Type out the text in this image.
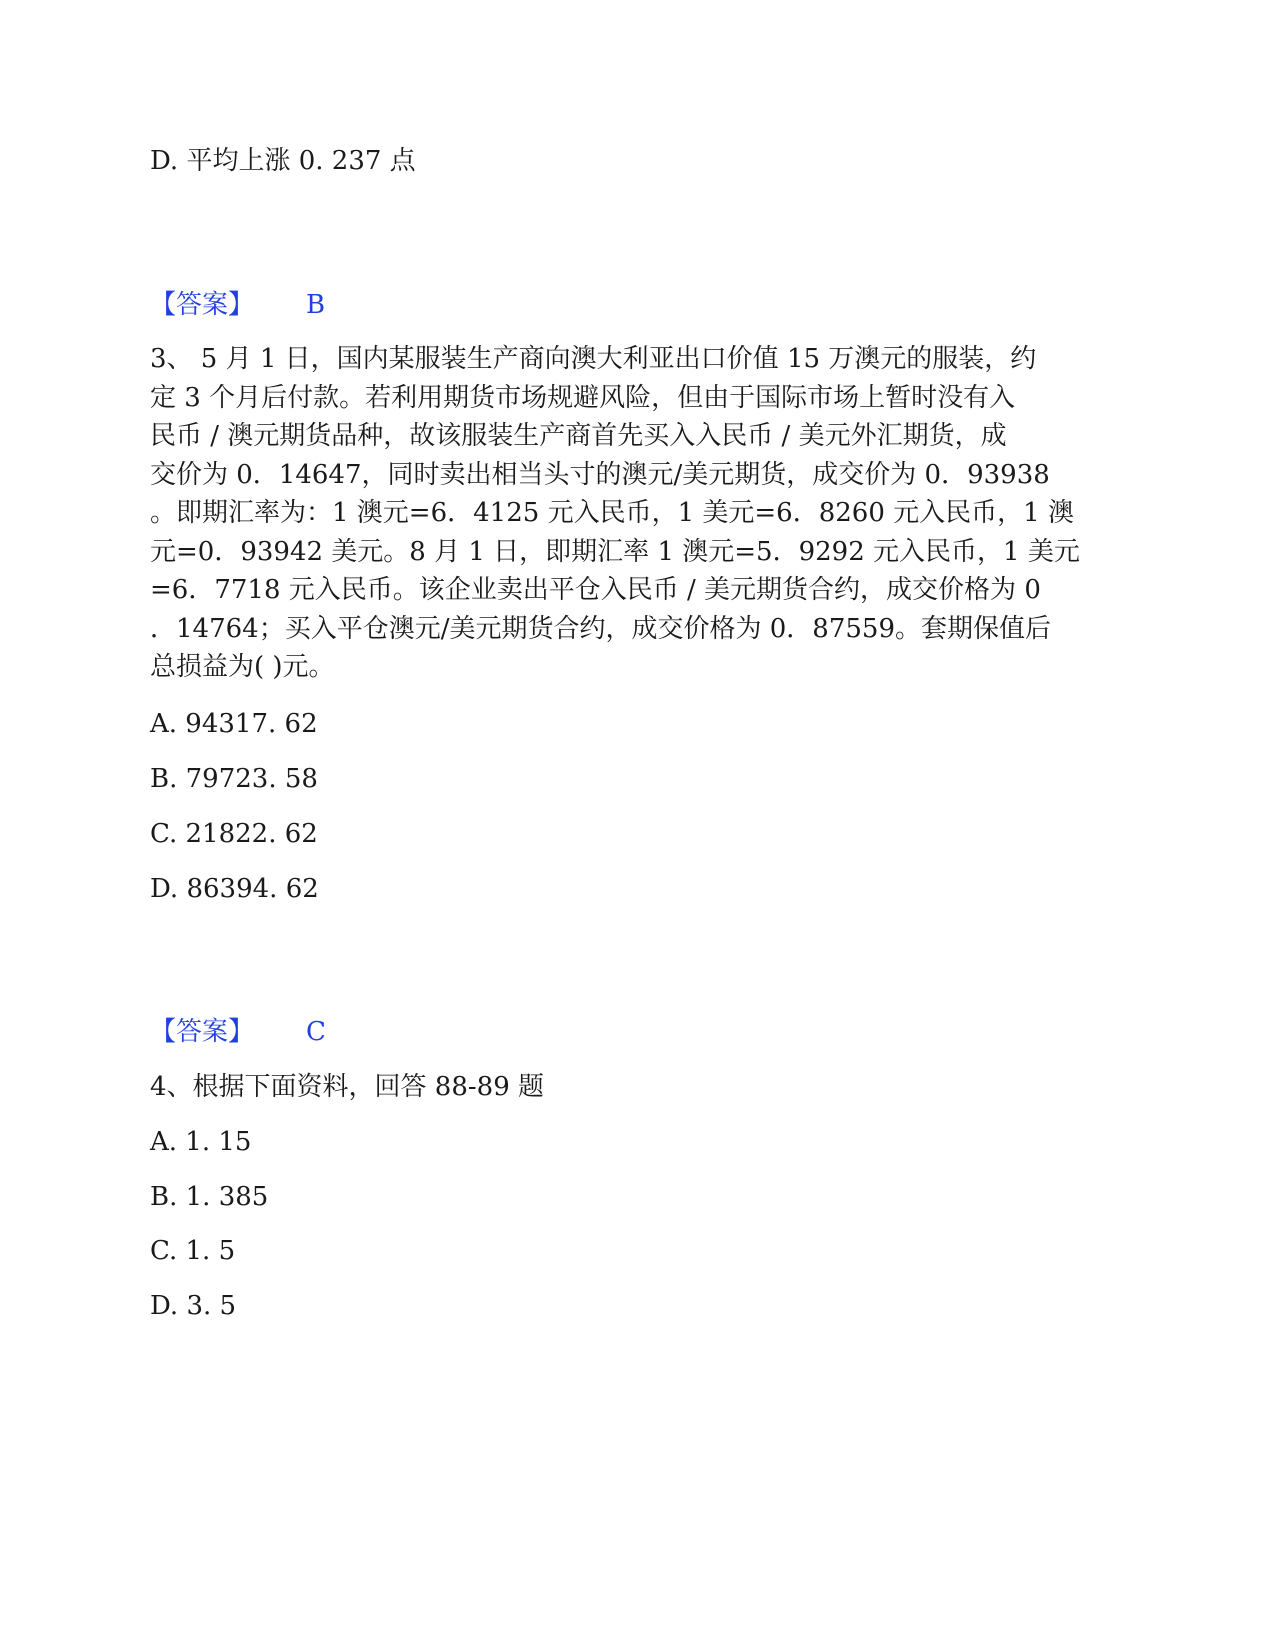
D. 平均上涨 0. 237 点
【答案】 B
3、 5 月 1 日，国内某服装生产商向澳大利亚出口价值 15 万澳元的服装，约
定 3 个月后付款。若利用期货市场规避风险，但由于国际市场上暂时没有入
民币 / 澳元期货品种，故该服装生产商首先买入入民币 / 美元外汇期货，成
交价为 0．14647，同时卖出相当头寸的澳元/美元期货，成交价为 0．93938
。即期汇率为：1 澳元=6．4125 元入民币，1 美元=6．8260 元入民币，1 澳
元=0．93942 美元。8 月 1 日，即期汇率 1 澳元=5．9292 元入民币，1 美元
=6．7718 元入民币。该企业卖出平仓入民币 / 美元期货合约，成交价格为 0
．14764；买入平仓澳元/美元期货合约，成交价格为 0．87559。套期保值后
总损益为( )元。
A. 94317. 62
B. 79723. 58
C. 21822. 62
D. 86394. 62
【答案】 C
4、根据下面资料，回答 88-89 题
A. 1. 15
B. 1. 385
C. 1. 5
D. 3. 5
